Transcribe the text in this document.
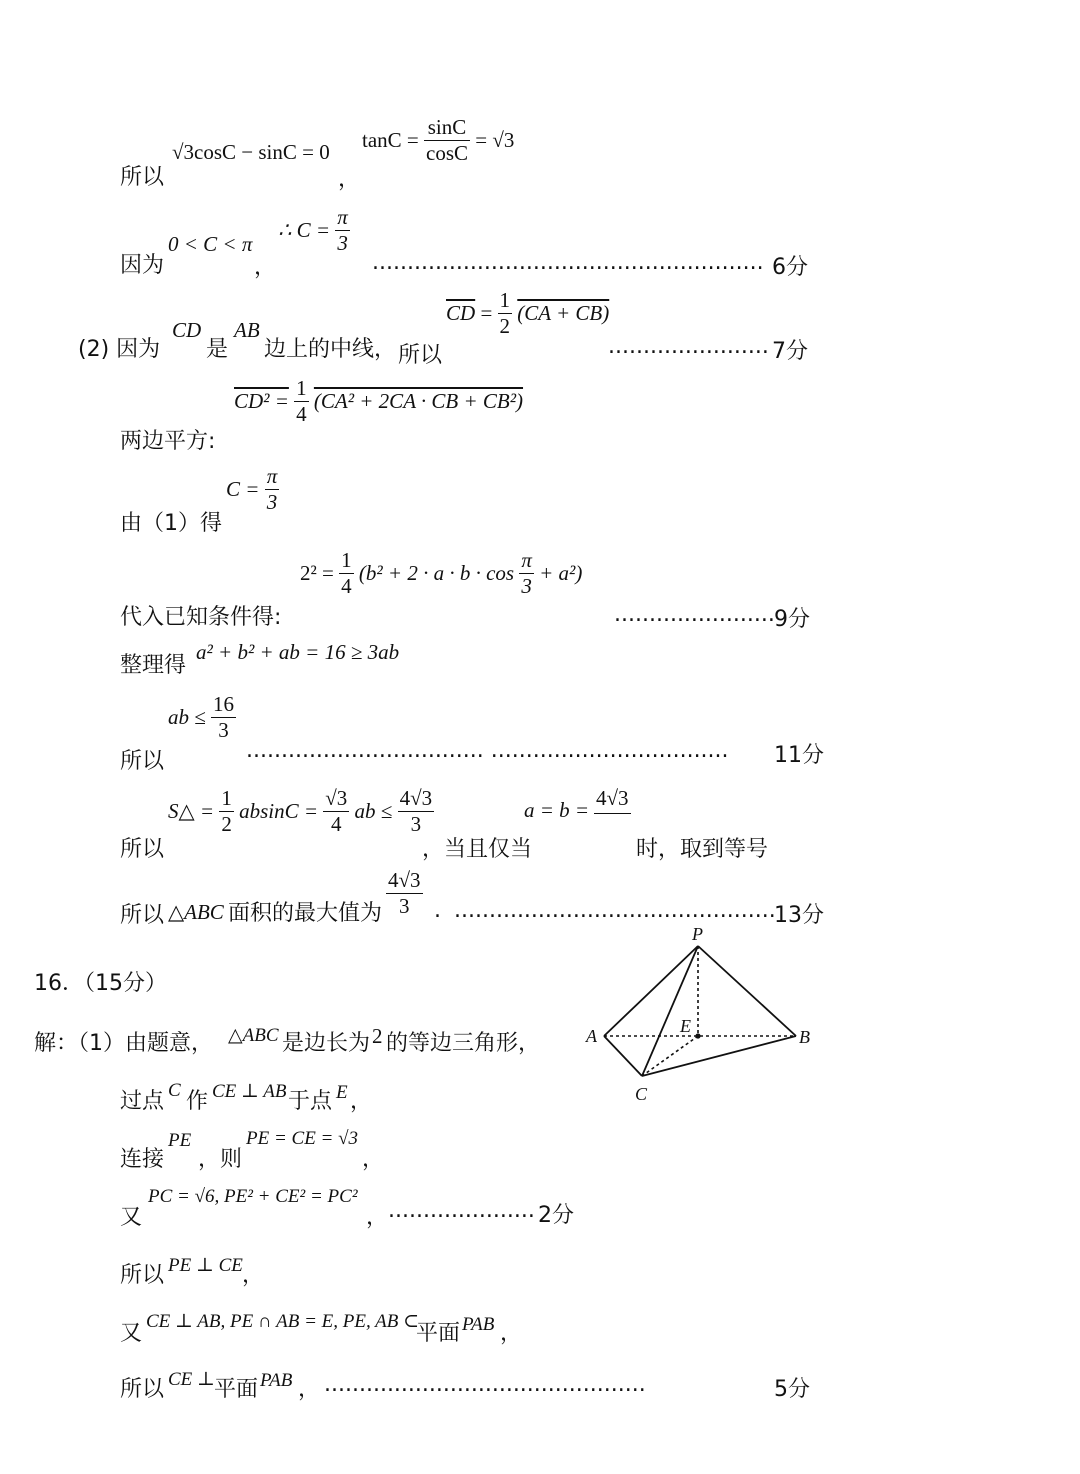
所以
√3cosC − sinC = 0
，
$\tan C = \frac{\sin C}{\cos C} = √3$
因为
0 < C < π
，
∴ $C = \frac{\pi}{3}$
........................................................ 6分
(2) 因为
CD
是
AB
边上的中线， 所以
$\overline{CD} = \frac{1}{2} (CA + CB)$
....................... 7分
$CD^2 = \frac{1}{4} (CA^2 + 2CA$ · CB + CB²)
两边平方:
$C = \frac{\pi}{3}$
由（1）得
$2^2 = \frac{1}{4} (b^2 + 2 \cdot a \cdot b \cdot \cos \frac{\pi}{3} + a^2)$
代入已知条件得:	....................... 9分
整理得
a² + b² + ab = 16 ≥ 3ab
ab ≤ $\frac{16}{3}$
所以	.................................. .................................. 11分
S△ = $\frac{1}{2}$ $absinC = \frac{√3}{4}$ ab ≤ $\frac{4√3}{3}$
所以	，当且仅当
a = b = 4√3
时，取到等号
所以 △ABC 面积的最大值为 $\frac{4√3}{3}$ . ..............................................
13分
16．（15分）
解：（1）由题意， △ABC 是边长为 2 的等边三角形，
过点 C 作 CE ⊥ AB 于点 E ，
连接
PE
，则
PE = CE = √3
，
又
PC = √6, PE² + CE² = PC²
， ..................... 2分
所以 PE ⊥ CE ，
又 CE ⊥ AB, PE ∩ AB = E, PE, AB ⊂
平面 PAB ，
所以 CE ⊥ 平面 PAB ， ..............................................	5分
P
A	B
C
E
